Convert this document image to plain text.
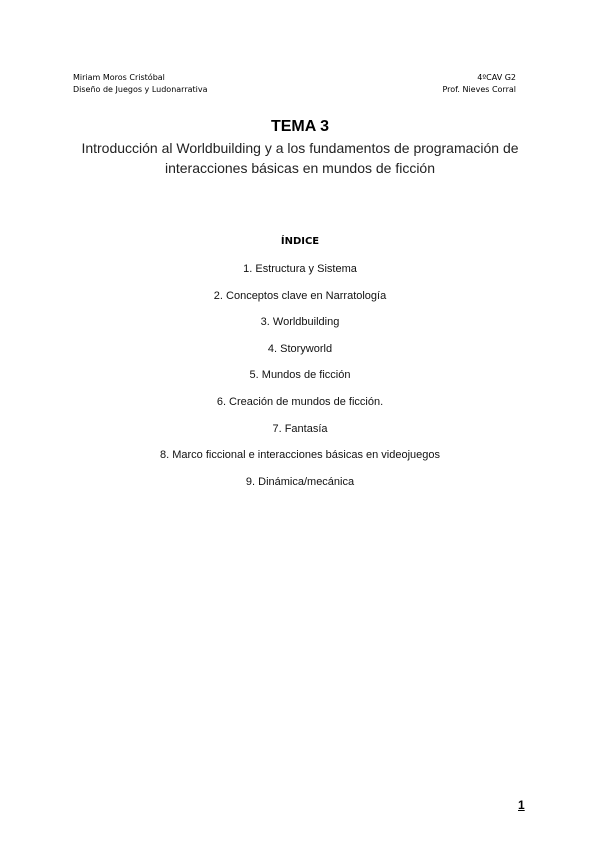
Miriam Moros Cristóbal
Diseño de Juegos y Ludonarrativa
4ºCAV G2
Prof. Nieves Corral
TEMA 3
Introducción al Worldbuilding y a los fundamentos de programación de interacciones básicas en mundos de ficción
ÍNDICE
1. Estructura y Sistema
2. Conceptos clave en Narratología
3. Worldbuilding
4. Storyworld
5. Mundos de ficción
6. Creación de mundos de ficción.
7. Fantasía
8. Marco ficcional e interacciones básicas en videojuegos
9. Dinámica/mecánica
1
